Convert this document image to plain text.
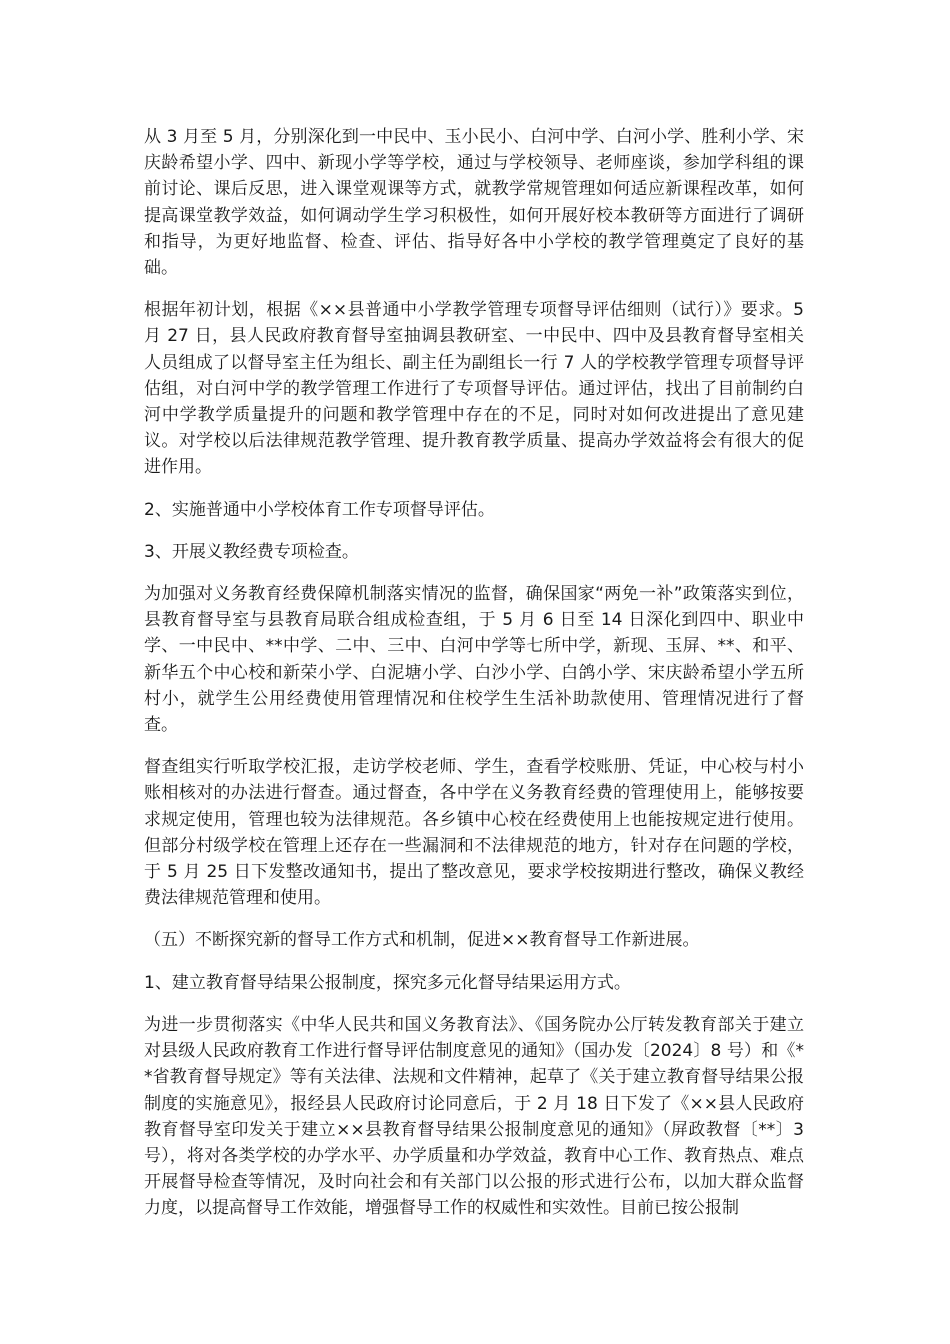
从 3 月至 5 月，分别深化到一中民中、玉小民小、白河中学、白河小学、胜利小学、宋庆龄希望小学、四中、新现小学等学校，通过与学校领导、老师座谈，参加学科组的课前讨论、课后反思，进入课堂观课等方式，就教学常规管理如何适应新课程改革，如何提高课堂教学效益，如何调动学生学习积极性，如何开展好校本教研等方面进行了调研和指导，为更好地监督、检查、评估、指导好各中小学校的教学管理奠定了良好的基础。

根据年初计划，根据《××县普通中小学教学管理专项督导评估细则（试行）》要求。5 月 27 日，县人民政府教育督导室抽调县教研室、一中民中、四中及县教育督导室相关人员组成了以督导室主任为组长、副主任为副组长一行 7 人的学校教学管理专项督导评估组，对白河中学的教学管理工作进行了专项督导评估。通过评估，找出了目前制约白河中学教学质量提升的问题和教学管理中存在的不足，同时对如何改进提出了意见建议。对学校以后法律规范教学管理、提升教育教学质量、提高办学效益将会有很大的促进作用。

2、实施普通中小学校体育工作专项督导评估。

3、开展义教经费专项检查。

为加强对义务教育经费保障机制落实情况的监督，确保国家“两免一补”政策落实到位，县教育督导室与县教育局联合组成检查组，于 5 月 6 日至 14 日深化到四中、职业中学、一中民中、**中学、二中、三中、白河中学等七所中学，新现、玉屏、**、和平、新华五个中心校和新荣小学、白泥塘小学、白沙小学、白鸽小学、宋庆龄希望小学五所村小，就学生公用经费使用管理情况和住校学生生活补助款使用、管理情况进行了督查。

督查组实行听取学校汇报，走访学校老师、学生，查看学校账册、凭证，中心校与村小账相核对的办法进行督查。通过督查，各中学在义务教育经费的管理使用上，能够按要求规定使用，管理也较为法律规范。各乡镇中心校在经费使用上也能按规定进行使用。但部分村级学校在管理上还存在一些漏洞和不法律规范的地方，针对存在问题的学校，于 5 月 25 日下发整改通知书，提出了整改意见，要求学校按期进行整改，确保义教经费法律规范管理和使用。

（五）不断探究新的督导工作方式和机制，促进××教育督导工作新进展。

1、建立教育督导结果公报制度，探究多元化督导结果运用方式。

为进一步贯彻落实《中华人民共和国义务教育法》、《国务院办公厅转发教育部关于建立对县级人民政府教育工作进行督导评估制度意见的通知》（国办发〔2024〕8 号）和《**省教育督导规定》等有关法律、法规和文件精神，起草了《关于建立教育督导结果公报制度的实施意见》，报经县人民政府讨论同意后，于 2 月 18 日下发了《××县人民政府教育督导室印发关于建立××县教育督导结果公报制度意见的通知》（屏政教督〔**〕3 号），将对各类学校的办学水平、办学质量和办学效益，教育中心工作、教育热点、难点开展督导检查等情况，及时向社会和有关部门以公报的形式进行公布，以加大群众监督力度，以提高督导工作效能，增强督导工作的权威性和实效性。目前已按公报制
